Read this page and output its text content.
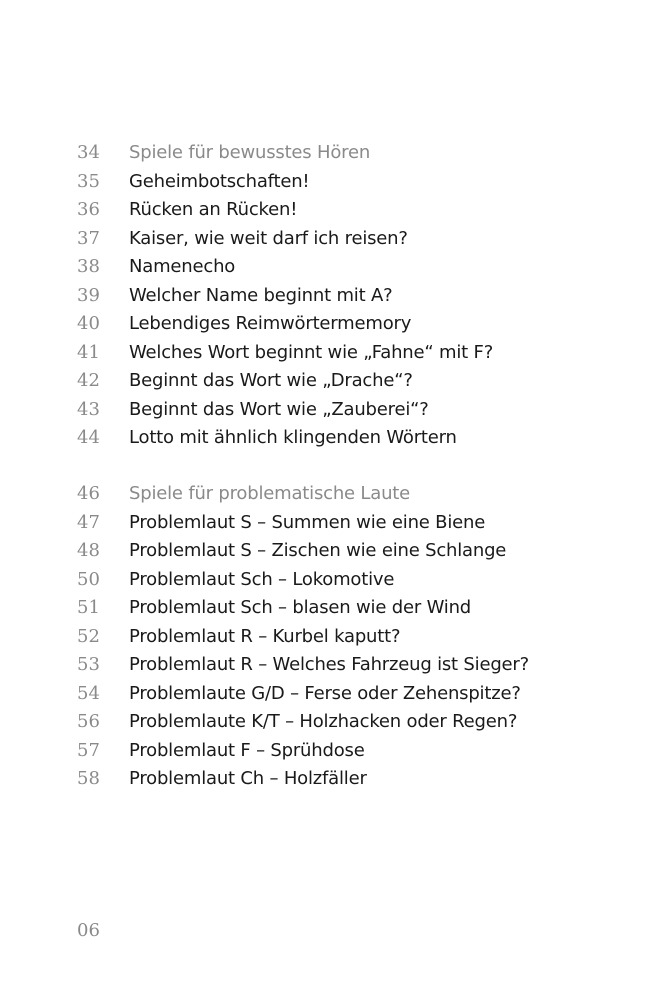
34	Spiele für bewusstes Hören
35	Geheimbotschaften!
36	Rücken an Rücken!
37	Kaiser, wie weit darf ich reisen?
38	Namenecho
39	Welcher Name beginnt mit A?
40	Lebendiges Reimwörtermemory
41	Welches Wort beginnt wie „Fahne“ mit F?
42	Beginnt das Wort wie „Drache“?
43	Beginnt das Wort wie „Zauberei“?
44	Lotto mit ähnlich klingenden Wörtern
46	Spiele für problematische Laute
47	Problemlaut S – Summen wie eine Biene
48	Problemlaut S – Zischen wie eine Schlange
50	Problemlaut Sch – Lokomotive
51	Problemlaut Sch – blasen wie der Wind
52	Problemlaut R – Kurbel kaputt?
53	Problemlaut R – Welches Fahrzeug ist Sieger?
54	Problemlaute G/D – Ferse oder Zehenspitze?
56	Problemlaute K/T – Holzhacken oder Regen?
57	Problemlaut F – Sprühdose
58	Problemlaut Ch – Holzfäller
06
